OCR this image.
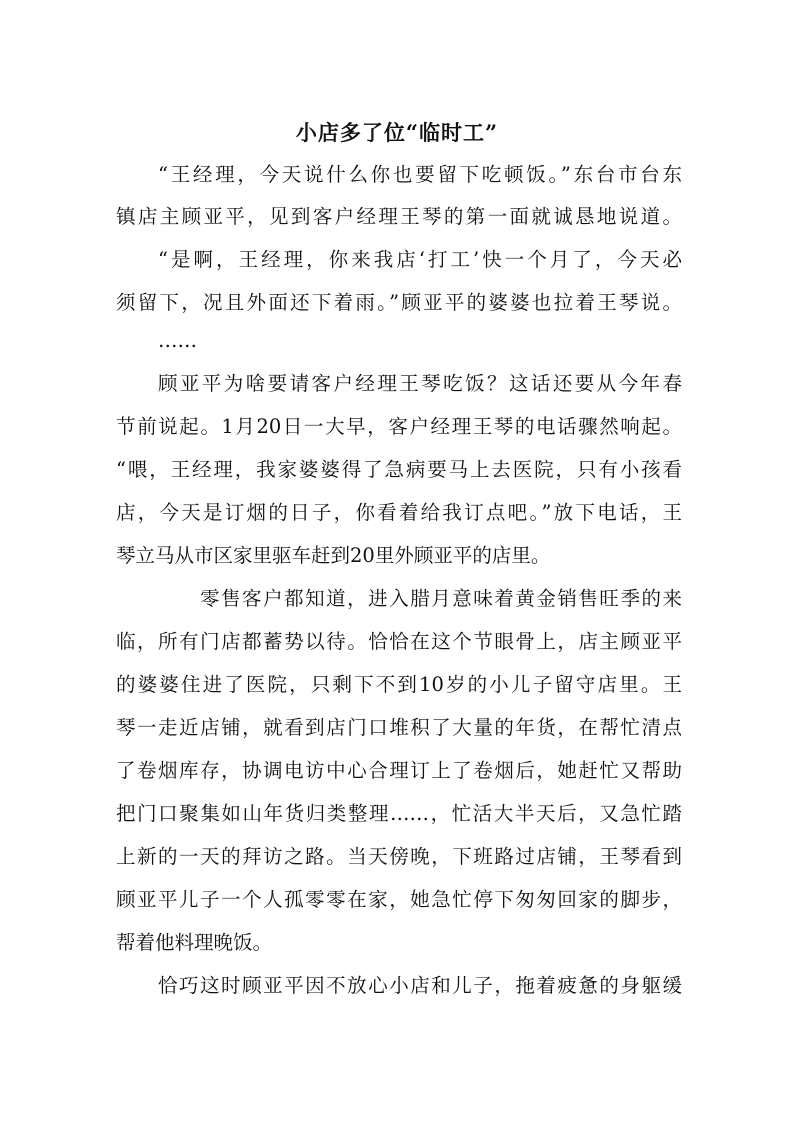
小店多了位“临时工”
“王经理，今天说什么你也要留下吃顿饭。”东台市台东
镇店主顾亚平，见到客户经理王琴的第一面就诚恳地说道。
“是啊，王经理，你来我店‘打工’快一个月了，今天必
须留下，况且外面还下着雨。”顾亚平的婆婆也拉着王琴说。
……
顾亚平为啥要请客户经理王琴吃饭？这话还要从今年春
节前说起。1月20日一大早，客户经理王琴的电话骤然响起。
“喂，王经理，我家婆婆得了急病要马上去医院，只有小孩看
店，今天是订烟的日子，你看着给我订点吧。”放下电话，王
琴立马从市区家里驱车赶到20里外顾亚平的店里。
零售客户都知道，进入腊月意味着黄金销售旺季的来
临，所有门店都蓄势以待。恰恰在这个节眼骨上，店主顾亚平
的婆婆住进了医院，只剩下不到10岁的小儿子留守店里。王
琴一走近店铺，就看到店门口堆积了大量的年货，在帮忙清点
了卷烟库存，协调电访中心合理订上了卷烟后，她赶忙又帮助
把门口聚集如山年货归类整理……，忙活大半天后，又急忙踏
上新的一天的拜访之路。当天傍晚，下班路过店铺，王琴看到
顾亚平儿子一个人孤零零在家，她急忙停下匆匆回家的脚步，
帮着他料理晚饭。
恰巧这时顾亚平因不放心小店和儿子，拖着疲惫的身躯缓
